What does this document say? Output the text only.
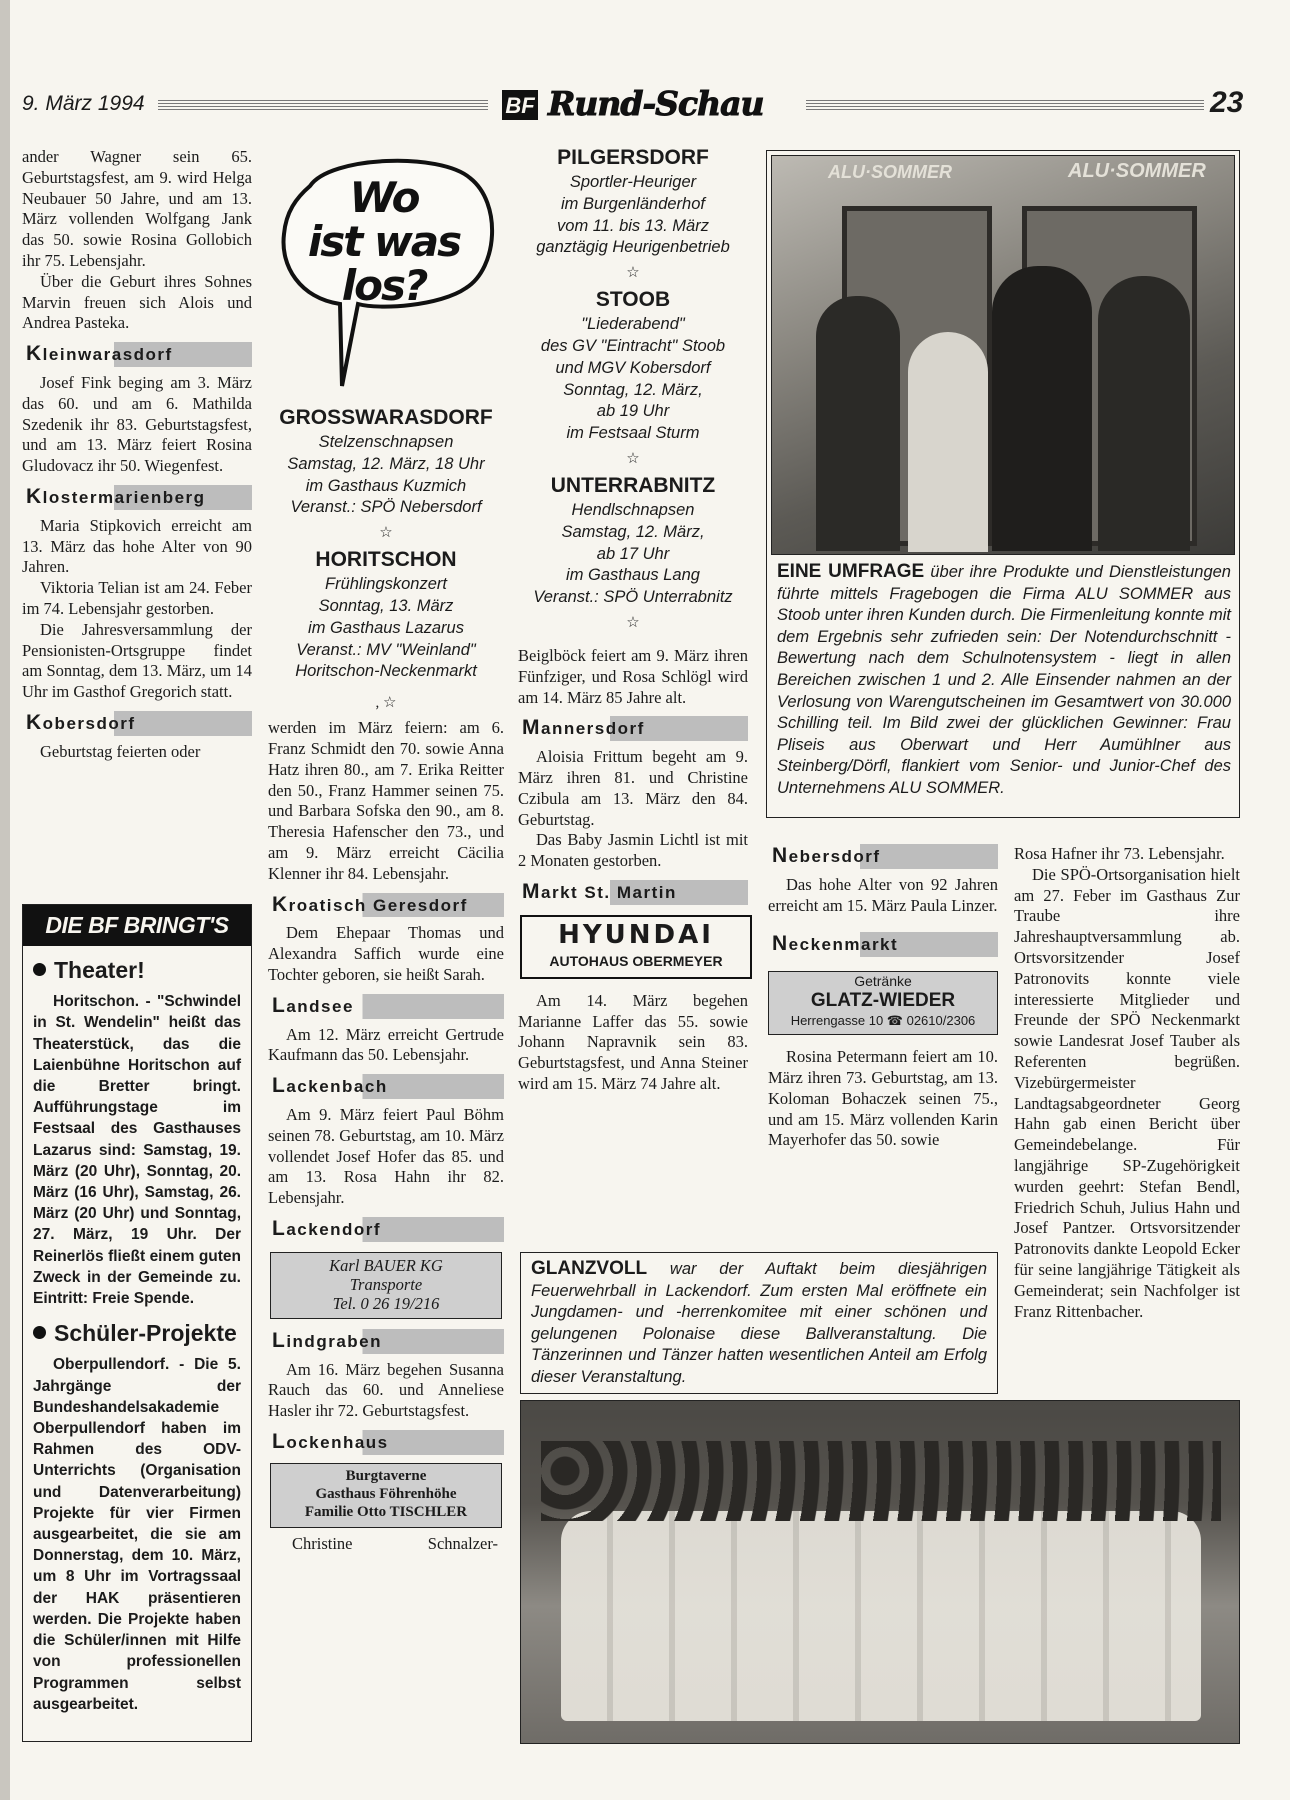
9. März 1994	BF Rund-Schau	23

ander Wagner sein 65. Geburtstagsfest, am 9. wird Helga Neubauer 50 Jahre, und am 13. März vollenden Wolfgang Jank das 50. sowie Rosina Gollobich ihr 75. Lebensjahr.

Über die Geburt ihres Sohnes Marvin freuen sich Alois und Andrea Pasteka.

Kleinwarasdorf

Josef Fink beging am 3. März das 60. und am 6. Mathilda Szedenik ihr 83. Geburtstagsfest, und am 13. März feiert Rosina Gludovacz ihr 50. Wiegenfest.

Klostermarienberg

Maria Stipkovich erreicht am 13. März das hohe Alter von 90 Jahren.

Viktoria Telian ist am 24. Feber im 74. Lebensjahr gestorben.

Die Jahresversammlung der Pensionisten-Ortsgruppe findet am Sonntag, dem 13. März, um 14 Uhr im Gasthof Gregorich statt.

Kobersdorf

Geburtstag feierten oder

DIE BF BRINGT'S
Theater!
Horitschon. - "Schwindel in St. Wendelin" heißt das Theaterstück, das die Laienbühne Horitschon auf die Bretter bringt. Aufführungstage im Festsaal des Gasthauses Lazarus sind: Samstag, 19. März (20 Uhr), Sonntag, 20. März (16 Uhr), Samstag, 26. März (20 Uhr) und Sonntag, 27. März, 19 Uhr. Der Reinerlös fließt einem guten Zweck in der Gemeinde zu. Eintritt: Freie Spende.
Schüler-Projekte
Oberpullendorf. - Die 5. Jahrgänge der Bundeshandelsakademie Oberpullendorf haben im Rahmen des ODV-Unterrichts (Organisation und Datenverarbeitung) Projekte für vier Firmen ausgearbeitet, die sie am Donnerstag, dem 10. März, um 8 Uhr im Vortragssaal der HAK präsentieren werden. Die Projekte haben die Schüler/innen mit Hilfe von professionellen Programmen selbst ausgearbeitet.
Wo
ist was
los?
GROSSWARASDORF
Stelzenschnapsen
Samstag, 12. März, 18 Uhr
im Gasthaus Kuzmich
Veranst.: SPÖ Nebersdorf
☆
HORITSCHON
Frühlingskonzert
Sonntag, 13. März
im Gasthaus Lazarus
Veranst.: MV "Weinland"
Horitschon-Neckenmarkt
, ☆

werden im März feiern: am 6. Franz Schmidt den 70. sowie Anna Hatz ihren 80., am 7. Erika Reitter den 50., Franz Hammer seinen 75. und Barbara Sofska den 90., am 8. Theresia Hafenscher den 73., und am 9. März erreicht Cäcilia Klenner ihr 84. Lebensjahr.

Kroatisch Geresdorf

Dem Ehepaar Thomas und Alexandra Saffich wurde eine Tochter geboren, sie heißt Sarah.

Landsee

Am 12. März erreicht Gertrude Kaufmann das 50. Lebensjahr.

Lackenbach

Am 9. März feiert Paul Böhm seinen 78. Geburtstag, am 10. März vollendet Josef Hofer das 85. und am 13. Rosa Hahn ihr 82. Lebensjahr.

Lackendorf
Karl BAUER KG
Transporte
Tel. 0 26 19/216
Lindgraben

Am 16. März begehen Susanna Rauch das 60. und Anneliese Hasler ihr 72. Geburtstagsfest.

Lockenhaus
Burgtaverne
Gasthaus Föhrenhöhe
Familie Otto TISCHLER
Christine	Schnalzer-
PILGERSDORF
Sportler-Heuriger
im Burgenländerhof
vom 11. bis 13. März
ganztägig Heurigenbetrieb
☆
STOOB
"Liederabend"
des GV "Eintracht" Stoob
und MGV Kobersdorf
Sonntag, 12. März,
ab 19 Uhr
im Festsaal Sturm
☆
UNTERRABNITZ
Hendlschnapsen
Samstag, 12. März,
ab 17 Uhr
im Gasthaus Lang
Veranst.: SPÖ Unterrabnitz
☆

Beiglböck feiert am 9. März ihren Fünfziger, und Rosa Schlögl wird am 14. März 85 Jahre alt.

Mannersdorf

Aloisia Frittum begeht am 9. März ihren 81. und Christine Czibula am 13. März den 84. Geburtstag.

Das Baby Jasmin Lichtl ist mit 2 Monaten gestorben.

Markt St. Martin
HYUNDAI
AUTOHAUS OBERMEYER

Am 14. März begehen Marianne Laffer das 55. sowie Johann Napravnik sein 83. Geburtstagsfest, und Anna Steiner wird am 15. März 74 Jahre alt.

ALU·SOMMER	ALU·SOMMER
EINE UMFRAGE über ihre Produkte und Dienstleistungen führte mittels Fragebogen die Firma ALU SOMMER aus Stoob unter ihren Kunden durch. Die Firmenleitung konnte mit dem Ergebnis sehr zufrieden sein: Der Notendurchschnitt - Bewertung nach dem Schulnotensystem - liegt in allen Bereichen zwischen 1 und 2. Alle Einsender nahmen an der Verlosung von Warengutscheinen im Gesamtwert von 30.000 Schilling teil. Im Bild zwei der glücklichen Gewinner: Frau Pliseis aus Oberwart und Herr Aumühlner aus Steinberg/Dörfl, flankiert vom Senior- und Junior-Chef des Unternehmens ALU SOMMER.
Nebersdorf

Das hohe Alter von 92 Jahren erreicht am 15. März Paula Linzer.

Neckenmarkt
Getränke
GLATZ-WIEDER
Herrengasse 10 ☎ 02610/2306

Rosina Petermann feiert am 10. März ihren 73. Geburtstag, am 13. Koloman Bohaczek seinen 75., und am 15. März vollenden Karin Mayerhofer das 50. sowie

Rosa Hafner ihr 73. Lebensjahr.

Die SPÖ-Ortsorganisation hielt am 27. Feber im Gasthaus Zur Traube ihre Jahreshauptversammlung ab. Ortsvorsitzender Josef Patronovits konnte viele interessierte Mitglieder und Freunde der SPÖ Neckenmarkt sowie Landesrat Josef Tauber als Referenten begrüßen. Vizebürgermeister Landtagsabgeordneter Georg Hahn gab einen Bericht über Gemeindebelange. Für langjährige SP-Zugehörigkeit wurden geehrt: Stefan Bendl, Friedrich Schuh, Julius Hahn und Josef Pantzer. Ortsvorsitzender Patronovits dankte Leopold Ecker für seine langjährige Tätigkeit als Gemeinderat; sein Nachfolger ist Franz Rittenbacher.

GLANZVOLL war der Auftakt beim diesjährigen Feuerwehrball in Lackendorf. Zum ersten Mal eröffnete ein Jungdamen- und -herrenkomitee mit einer schönen und gelungenen Polonaise diese Ballveranstaltung. Die Tänzerinnen und Tänzer hatten wesentlichen Anteil am Erfolg dieser Veranstaltung.
